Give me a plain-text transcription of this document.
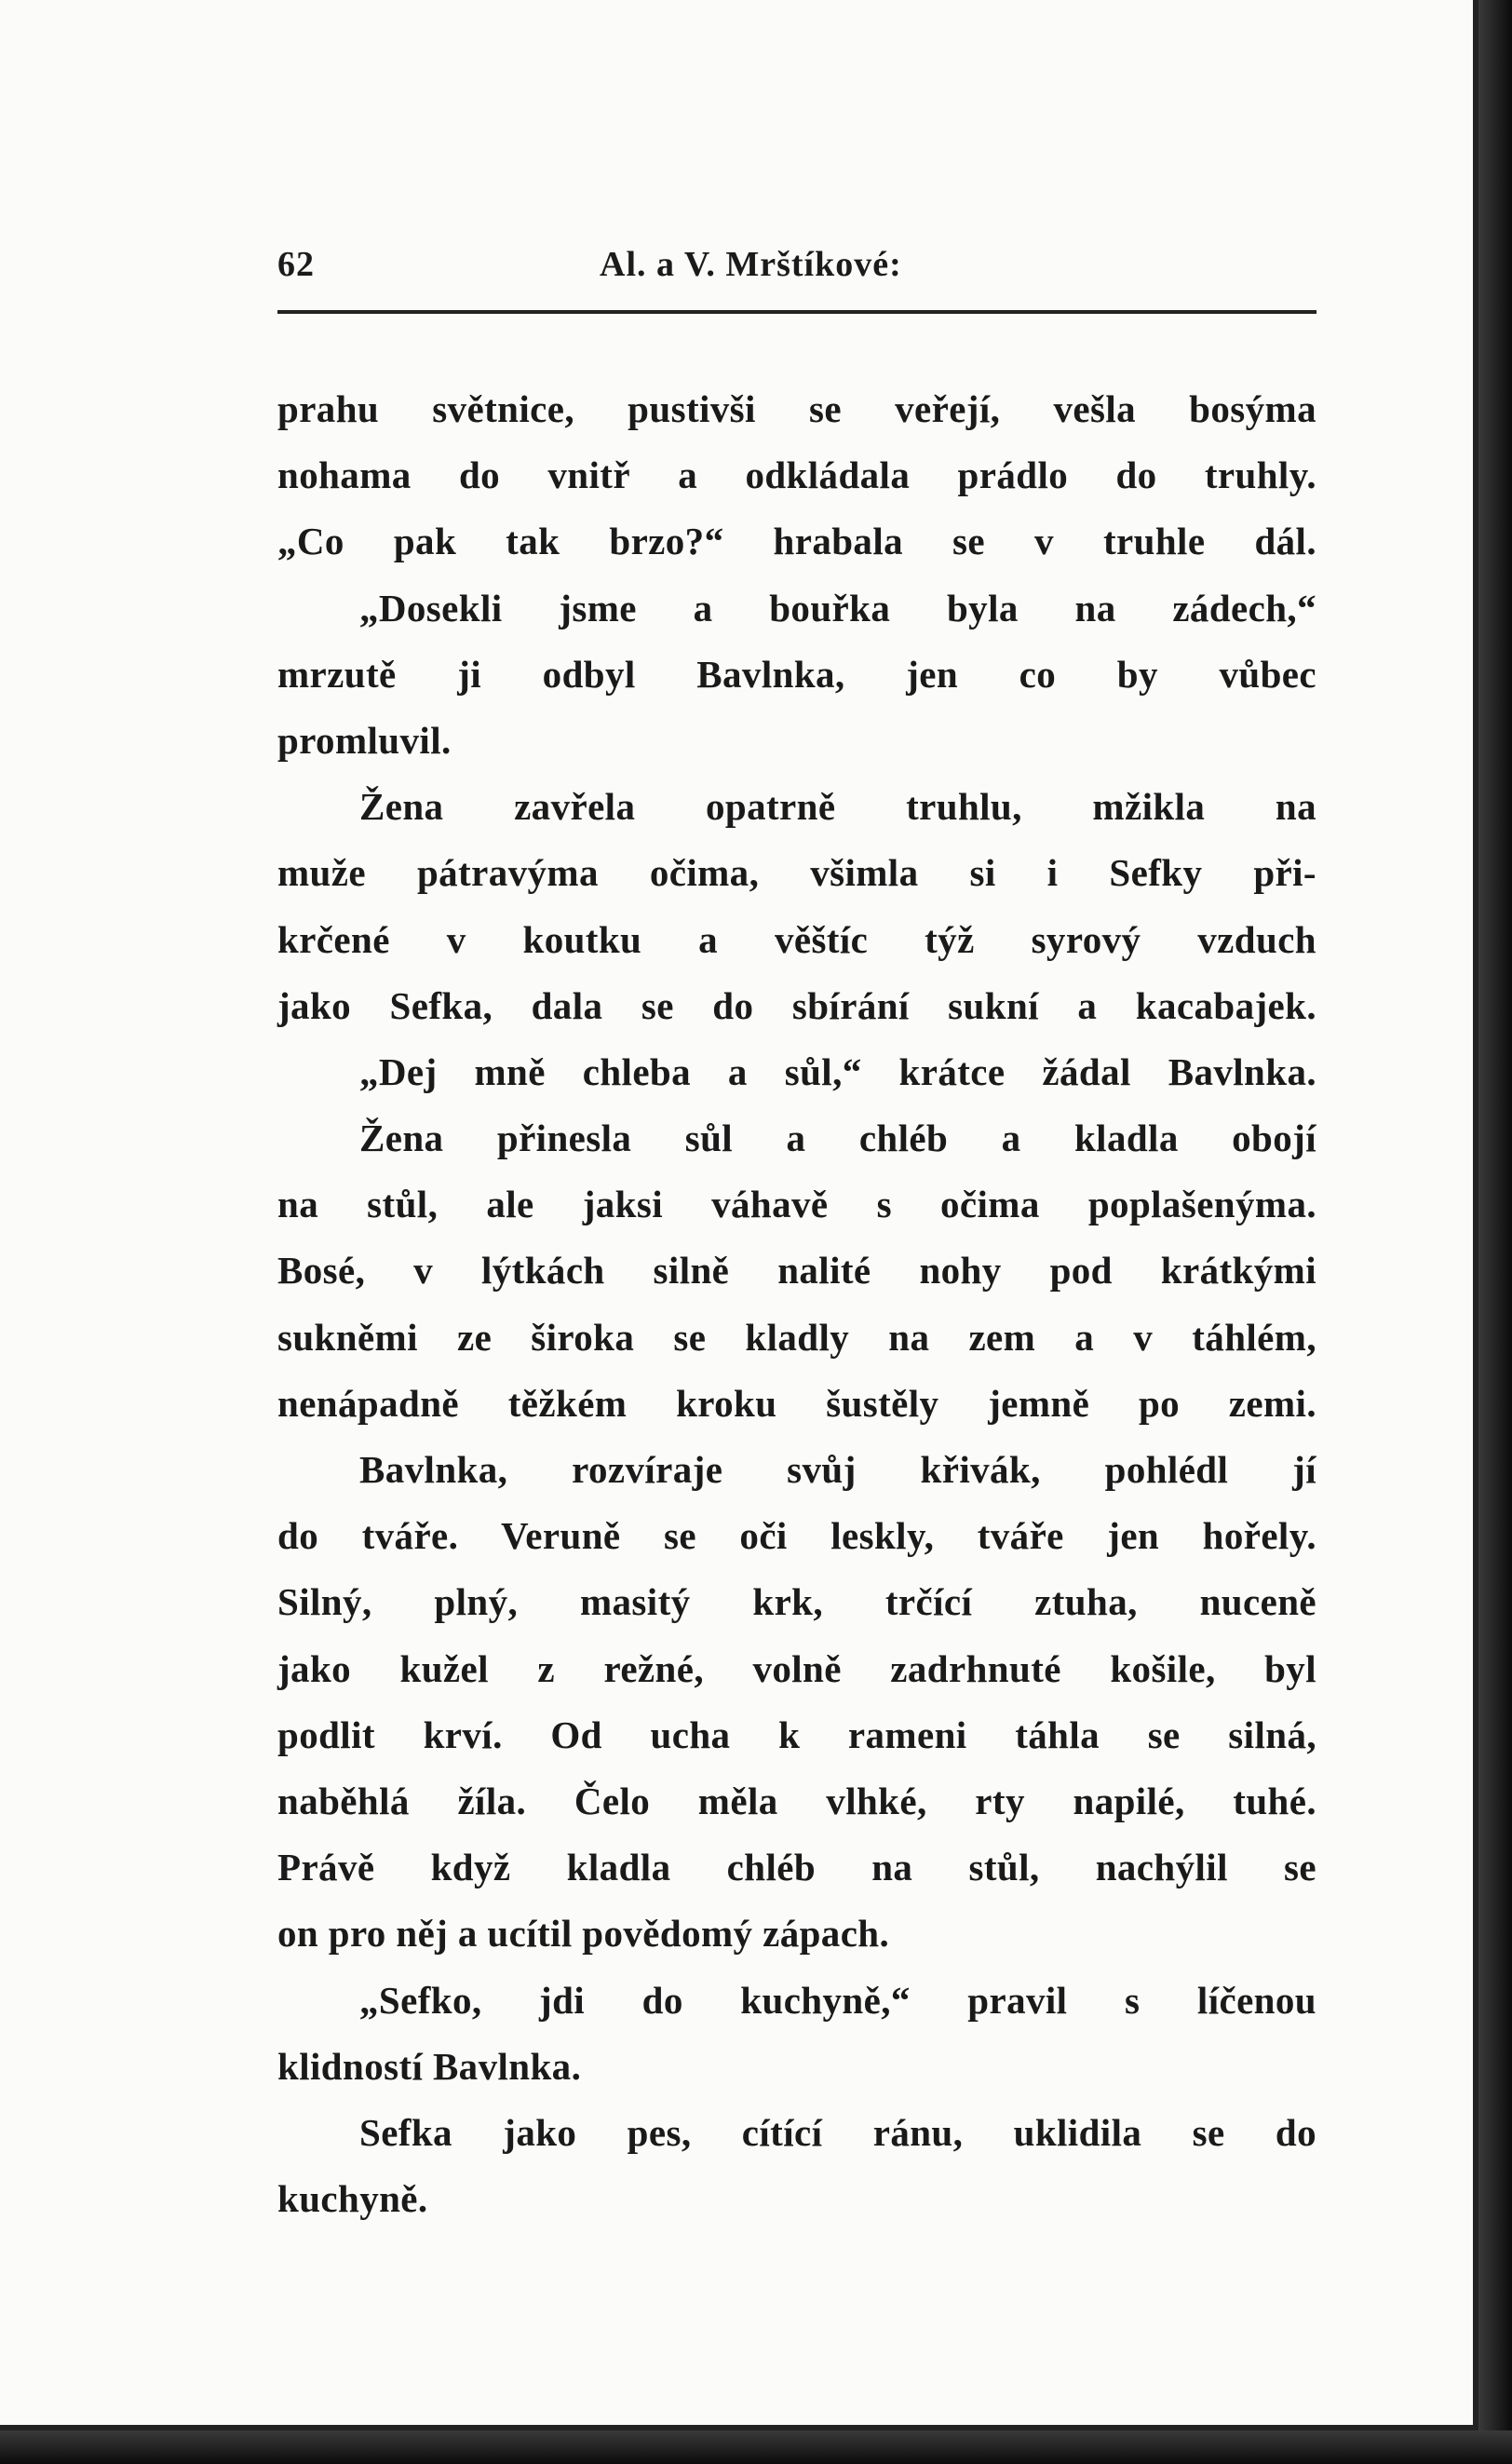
62	Al. a V. Mrštíkové:
prahu světnice, pustivši se veřejí, vešla bosýma
nohama do vnitř a odkládala prádlo do truhly.
„Co pak tak brzo?“ hrabala se v truhle dál.
„Dosekli jsme a bouřka byla na zádech,“
mrzutě ji odbyl Bavlnka, jen co by vůbec
promluvil.
Žena zavřela opatrně truhlu, mžikla na
muže pátravýma očima, všimla si i Sefky při-
krčené v koutku a věštíc týž syrový vzduch
jako Sefka, dala se do sbírání sukní a kacabajek.
„Dej mně chleba a sůl,“ krátce žádal Bavlnka.
Žena přinesla sůl a chléb a kladla obojí
na stůl, ale jaksi váhavě s očima poplašenýma.
Bosé, v lýtkách silně nalité nohy pod krátkými
sukněmi ze široka se kladly na zem a v táhlém,
nenápadně těžkém kroku šustěly jemně po zemi.
Bavlnka, rozvíraje svůj křivák, pohlédl jí
do tváře. Veruně se oči leskly, tváře jen hořely.
Silný, plný, masitý krk, trčící ztuha, nuceně
jako kužel z režné, volně zadrhnuté košile, byl
podlit krví. Od ucha k rameni táhla se silná,
naběhlá žíla. Čelo měla vlhké, rty napilé, tuhé.
Právě když kladla chléb na stůl, nachýlil se
on pro něj a ucítil povědomý zápach.
„Sefko, jdi do kuchyně,“ pravil s líčenou
klidností Bavlnka.
Sefka jako pes, cítící ránu, uklidila se do
kuchyně.
